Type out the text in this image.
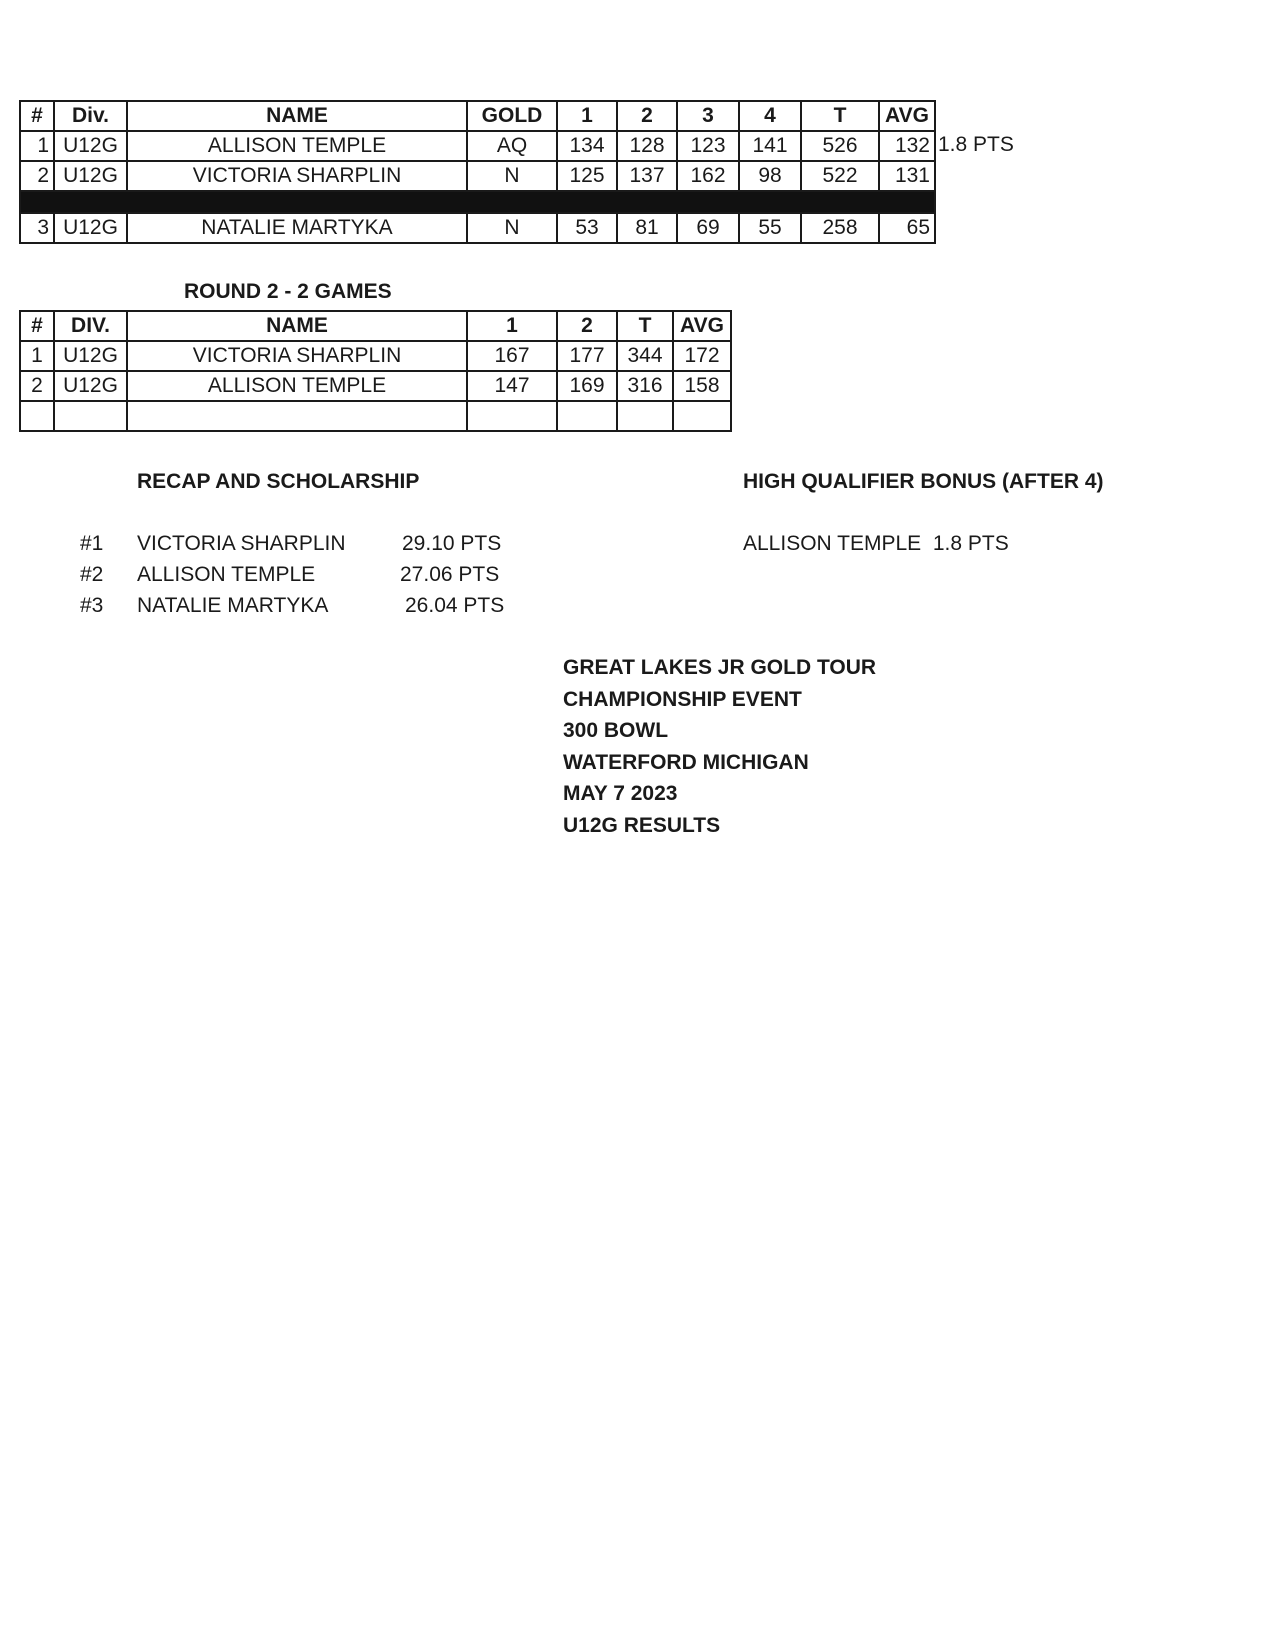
#	Div.	NAME	GOLD	1	2	3	4	T	AVG
1	U12G	ALLISON TEMPLE	AQ	134	128	123	141	526	132
2	U12G	VICTORIA SHARPLIN	N	125	137	162	98	522	131

3	U12G	NATALIE MARTYKA	N	53	81	69	55	258	65
1.8 PTS
ROUND 2 - 2 GAMES
#	DIV.	NAME	1	2	T	AVG
1	U12G	VICTORIA SHARPLIN	167	177	344	172
2	U12G	ALLISON TEMPLE	147	169	316	158

RECAP AND SCHOLARSHIP
#1 VICTORIA SHARPLIN	29.10 PTS
#2 ALLISON TEMPLE	27.06 PTS
#3 NATALIE MARTYKA	26.04 PTS
HIGH QUALIFIER BONUS (AFTER 4)
ALLISON TEMPLE  1.8 PTS
GREAT LAKES JR GOLD TOUR
CHAMPIONSHIP EVENT
300 BOWL
WATERFORD MICHIGAN
MAY 7 2023
U12G RESULTS
